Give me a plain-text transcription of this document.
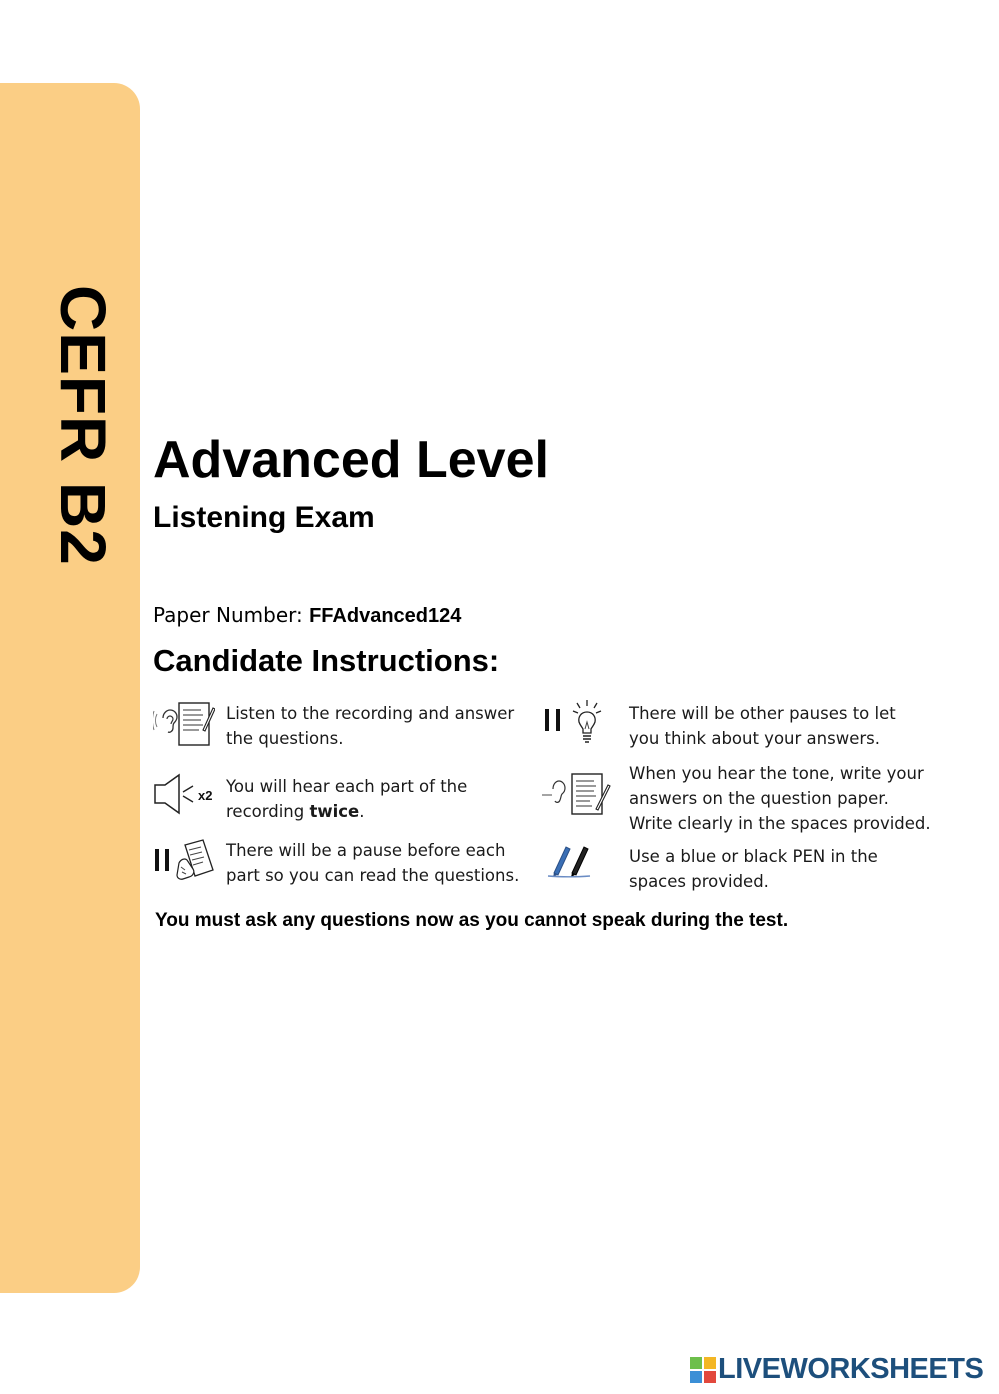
CEFR B2 Advanced Level
Listening Exam
Paper Number: FFAdvanced124
Candidate Instructions:
Listen to the recording and answer
the questions.
There will be other pauses to let
you think about your answers.
x2 You will hear each part of the
recording twice.
When you hear the tone, write your
answers on the question paper.
Write clearly in the spaces provided.
There will be a pause before each
part so you can read the questions.
Use a blue or black PEN in the
spaces provided.
You must ask any questions now as you cannot speak during the test.
LIVEWORKSHEETS
